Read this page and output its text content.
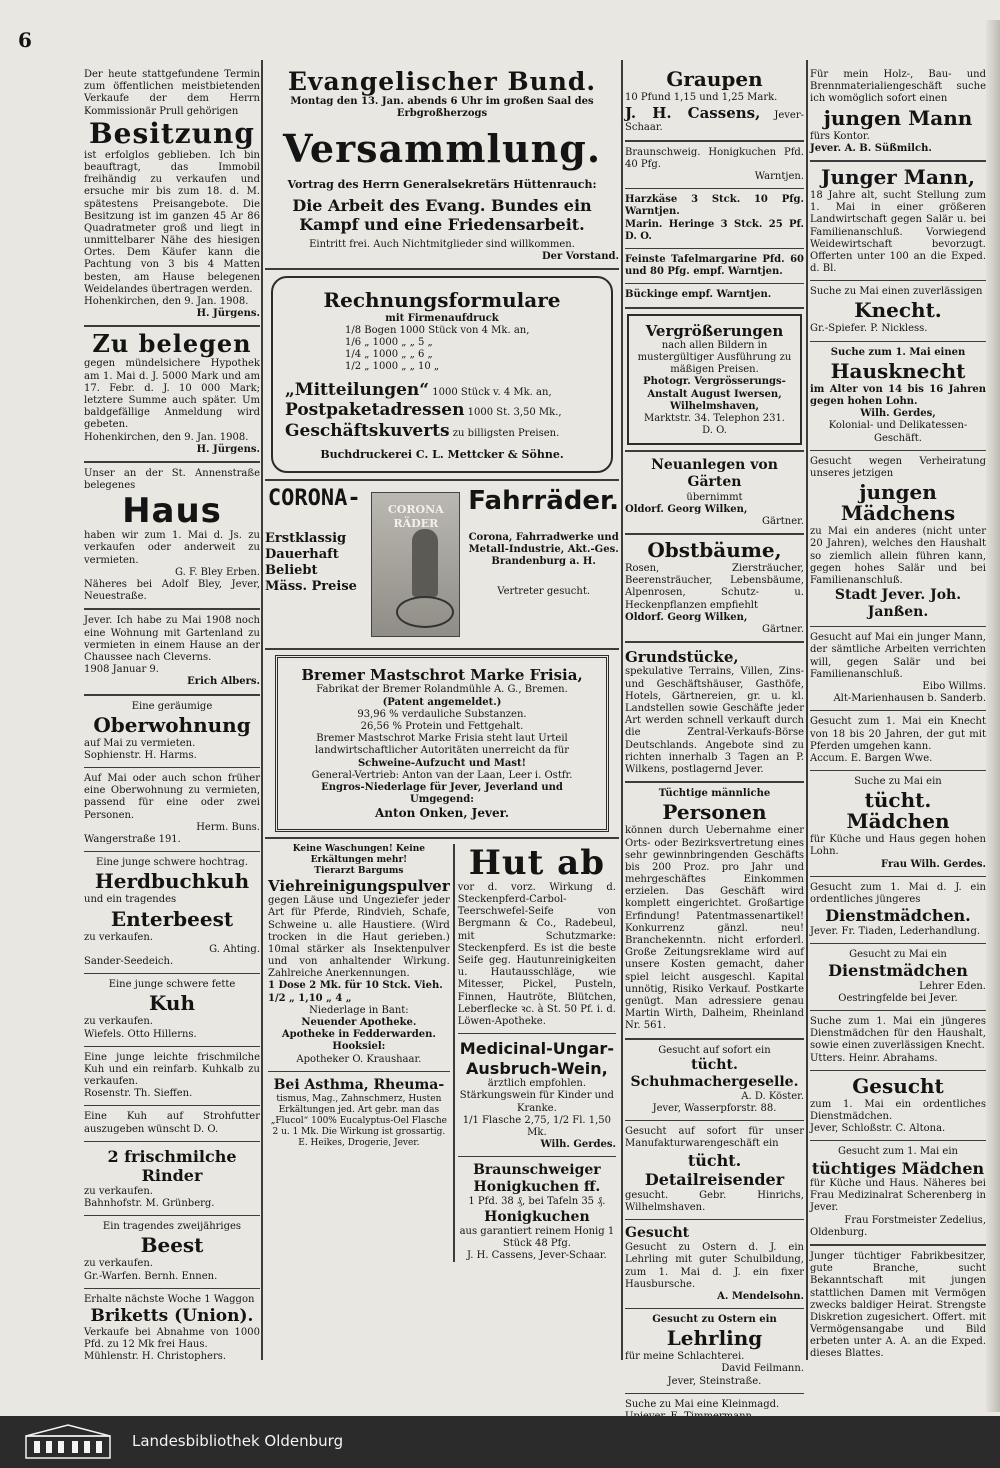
6
Der heute stattgefundene Termin zum öffentlichen meistbietenden Verkaufe der dem Herrn Kommissionär Prull gehörigen
Besitzung
ist erfolglos geblieben. Ich bin beauftragt, das Immobil freihändig zu verkaufen und ersuche mir bis zum 18. d. M. spätestens Preisangebote. Die Besitzung ist im ganzen 45 Ar 86 Quadratmeter groß und liegt in unmittelbarer Nähe des hiesigen Ortes. Dem Käufer kann die Pachtung von 3 bis 4 Matten besten, am Hause belegenen Weidelandes übertragen werden.
Hohenkirchen, den 9. Jan. 1908.
H. Jürgens.
Zu belegen
gegen mündelsichere Hypothek am 1. Mai d. J. 5000 Mark und am 17. Febr. d. J. 10 000 Mark; letztere Summe auch später. Um baldgefällige Anmeldung wird gebeten.
Hohenkirchen, den 9. Jan. 1908.
H. Jürgens.
Unser an der St. Annenstraße belegenes
Haus
haben wir zum 1. Mai d. Js. zu verkaufen oder anderweit zu vermieten.
G. F. Bley Erben.
Näheres bei Adolf Bley, Jever, Neuestraße.
Jever. Ich habe zu Mai 1908 noch eine Wohnung mit Gartenland zu vermieten in einem Hause an der Chaussee nach Cleverns.
1908 Januar 9.
Erich Albers.
Eine geräumige
Oberwohnung
auf Mai zu vermieten.
Sophienstr. H. Harms.
Auf Mai oder auch schon früher eine Oberwohnung zu vermieten, passend für eine oder zwei Personen.
Herm. Buns.
Wangerstraße 191.
Eine junge schwere hochtrag.
Herdbuchkuh
und ein tragendes
Enterbeest
zu verkaufen.
G. Ahting.
Sander-Seedeich.
Eine junge schwere fette
Kuh
zu verkaufen.
Wiefels. Otto Hillerns.
Eine junge leichte frischmilche Kuh und ein reinfarb. Kuhkalb zu verkaufen.
Rosenstr. Th. Sieffen.
Eine Kuh auf Strohfutter auszugeben wünscht D. O.
2 frischmilche Rinder
zu verkaufen.
Bahnhofstr. M. Grünberg.
Ein tragendes zweijähriges
Beest
zu verkaufen.
Gr.-Warfen. Bernh. Ennen.
Erhalte nächste Woche 1 Waggon
Briketts (Union).
Verkaufe bei Abnahme von 1000 Pfd. zu 12 Mk frei Haus.
Mühlenstr. H. Christophers.
Evangelischer Bund.
Montag den 13. Jan. abends 6 Uhr im großen Saal des Erbgroßherzogs
Versammlung.
Vortrag des Herrn Generalsekretärs Hüttenrauch:
Die Arbeit des Evang. Bundes ein Kampf und eine Friedensarbeit.
Eintritt frei. Auch Nichtmitglieder sind willkommen.
Der Vorstand.
Rechnungsformulare
mit Firmenaufdruck
1/8 Bogen 1000 Stück von 4 Mk. an,
1/6 „ 1000 „ „ 5 „
1/4 „ 1000 „ „ 6 „
1/2 „ 1000 „ „ 10 „
„Mitteilungen“ 1000 Stück v. 4 Mk. an,
Postpaketadressen 1000 St. 3,50 Mk.,
Geschäftskuverts zu billigsten Preisen.
Buchdruckerei C. L. Mettcker & Söhne.
CORONA-
Erstklassig
Dauerhaft
Beliebt
Mäss. Preise
CORONA RÄDER
Fahrräder.
Corona, Fahrradwerke und Metall-Industrie, Akt.-Ges. Brandenburg a. H.
Vertreter gesucht.
Bremer Mastschrot Marke Frisia,
Fabrikat der Bremer Rolandmühle A. G., Bremen.
(Patent angemeldet.)
93,96 % verdauliche Substanzen.
26,56 % Protein und Fettgehalt.
Bremer Mastschrot Marke Frisia steht laut Urteil landwirtschaftlicher Autoritäten unerreicht da für
Schweine-Aufzucht und Mast!
General-Vertrieb: Anton van der Laan, Leer i. Ostfr.
Engros-Niederlage für Jever, Jeverland und Umgegend:
Anton Onken, Jever.
Keine Waschungen! Keine Erkältungen mehr!
Tierarzt Bargums
Viehreinigungspulver
gegen Läuse und Ungeziefer jeder Art für Pferde, Rindvieh, Schafe, Schweine u. alle Haustiere. (Wird trocken in die Haut gerieben.) 10mal stärker als Insektenpulver und von anhaltender Wirkung. Zahlreiche Anerkennungen.
1 Dose 2 Mk. für 10 Stck. Vieh.
1/2 „ 1,10 „ 4 „
Niederlage in Bant:
Neuender Apotheke.
Apotheke in Fedderwarden.
Hooksiel:
Apotheker O. Kraushaar.
Bei Asthma, Rheuma-
tismus, Mag., Zahnschmerz, Husten Erkältungen jed. Art gebr. man das „Flucol“ 100% Eucalyptus-Oel Flasche 2 u. 1 Mk. Die Wirkung ist grossartig.
E. Heikes, Drogerie, Jever.
Hut ab
vor d. vorz. Wirkung d. Steckenpferd-Carbol-Teerschwefel-Seife von Bergmann & Co., Radebeul, mit Schutzmarke: Steckenpferd. Es ist die beste Seife geg. Hautunreinigkeiten u. Hautausschläge, wie Mitesser, Pickel, Pusteln, Finnen, Hautröte, Blütchen, Leberflecke ꝛc. à St. 50 Pf. i. d. Löwen-Apotheke.
Medicinal-Ungar-Ausbruch-Wein,
ärztlich empfohlen. Stärkungswein für Kinder und Kranke.
1/1 Flasche 2,75, 1/2 Fl. 1,50 Mk.
Wilh. Gerdes.
Braunschweiger Honigkuchen ff.
1 Pfd. 38 ₰, bei Tafeln 35 ₰.
Honigkuchen
aus garantiert reinem Honig 1 Stück 48 Pfg.
J. H. Cassens, Jever-Schaar.
Graupen
10 Pfund 1,15 und 1,25 Mark.
J. H. Cassens, Jever-Schaar.
Braunschweig. Honigkuchen Pfd. 40 Pfg.
Warntjen.
Harzkäse 3 Stck. 10 Pfg. Warntjen.
Marin. Heringe 3 Stck. 25 Pf. D. O.
Feinste Tafelmargarine Pfd. 60 und 80 Pfg. empf. Warntjen.
Bückinge empf. Warntjen.
Vergrößerungen
nach allen Bildern in mustergültiger Ausführung zu mäßigen Preisen.
Photogr. Vergrösserungs-Anstalt August Iwersen, Wilhelmshaven,
Marktstr. 34. Telephon 231. D. O.
Neuanlegen von Gärten
übernimmt
Oldorf. Georg Wilken,
Gärtner.
Obstbäume,
Rosen, Ziersträucher, Beerensträucher, Lebensbäume, Alpenrosen, Schutz- u. Heckenpflanzen empfiehlt
Oldorf. Georg Wilken,
Gärtner.
Grundstücke,
spekulative Terrains, Villen, Zins- und Geschäftshäuser, Gasthöfe, Hotels, Gärtnereien, gr. u. kl. Landstellen sowie Geschäfte jeder Art werden schnell verkauft durch die Zentral-Verkaufs-Börse Deutschlands. Angebote sind zu richten innerhalb 3 Tagen an P. Wilkens, postlagernd Jever.
Tüchtige männliche
Personen
können durch Uebernahme einer Orts- oder Bezirksvertretung eines sehr gewinnbringenden Geschäfts bis 200 Proz. pro Jahr und mehrgeschäftes Einkommen erzielen. Das Geschäft wird komplett eingerichtet. Großartige Erfindung! Patentmassenartikel! Konkurrenz gänzl. neu! Branchekenntn. nicht erforderl. Große Zeitungsreklame wird auf unsere Kosten gemacht, daher spiel leicht ausgeschl. Kapital unnötig, Risiko Verkauf. Postkarte genügt. Man adressiere genau Martin Wirth, Dalheim, Rheinland Nr. 561.
Gesucht auf sofort ein
tücht. Schuhmachergeselle.
A. D. Köster.
Jever, Wasserpforstr. 88.
Gesucht auf sofort für unser Manufakturwarengeschäft ein
tücht. Detailreisender
gesucht. Gebr. Hinrichs, Wilhelmshaven.
Gesucht
Gesucht zu Ostern d. J. ein Lehrling mit guter Schulbildung, zum 1. Mai d. J. ein fixer Hausbursche.
A. Mendelsohn.
Gesucht zu Ostern ein
Lehrling
für meine Schlachterei.
David Feilmann.
Jever, Steinstraße.
Suche zu Mai eine Kleinmagd.
Für mein Holz-, Bau- und Brennmaterialiengeschäft suche ich womöglich sofort einen
jungen Mann
fürs Kontor.
Jever. A. B. Süßmilch.
Junger Mann,
18 Jahre alt, sucht Stellung zum 1. Mai in einer größeren Landwirtschaft gegen Salär u. bei Familienanschluß. Vorwiegend Weidewirtschaft bevorzugt. Offerten unter 100 an die Exped. d. Bl.
Suche zu Mai einen zuverlässigen
Knecht.
Gr.-Spiefer. P. Nickless.
Suche zum 1. Mai einen
Hausknecht
im Alter von 14 bis 16 Jahren gegen hohen Lohn.
Wilh. Gerdes,
Kolonial- und Delikatessen-Geschäft.
Gesucht wegen Verheiratung unseres jetzigen
jungen Mädchens
zu Mai ein anderes (nicht unter 20 Jahren), welches den Haushalt so ziemlich allein führen kann, gegen hohes Salär und bei Familienanschluß.
Stadt Jever. Joh. Janßen.
Gesucht auf Mai ein junger Mann, der sämtliche Arbeiten verrichten will, gegen Salär und bei Familienanschluß.
Eibo Willms.
Alt-Marienhausen b. Sanderb.
Gesucht zum 1. Mai ein Knecht von 18 bis 20 Jahren, der gut mit Pferden umgehen kann.
Accum. E. Bargen Wwe.
Suche zu Mai ein
tücht. Mädchen
für Küche und Haus gegen hohen Lohn.
Frau Wilh. Gerdes.
Gesucht zum 1. Mai d. J. ein ordentliches jüngeres
Dienstmädchen.
Jever. Fr. Tiaden, Lederhandlung.
Gesucht zu Mai ein
Dienstmädchen
Lehrer Eden.
Oestringfelde bei Jever.
Suche zum 1. Mai ein jüngeres Dienstmädchen für den Haushalt, sowie einen zuverlässigen Knecht.
Utters. Heinr. Abrahams.
Gesucht
zum 1. Mai ein ordentliches Dienstmädchen.
Jever, Schloßstr. C. Altona.
Gesucht zum 1. Mai ein
tüchtiges Mädchen
für Küche und Haus. Näheres bei Frau Medizinalrat Scherenberg in Jever.
Frau Forstmeister Zedelius,
Oldenburg.
Junger tüchtiger Fabrikbesitzer, gute Branche, sucht Bekanntschaft mit jungen stattlichen Damen mit Vermögen zwecks baldiger Heirat. Strengste Diskretion zugesichert. Offert. mit Vermögensangabe und Bild erbeten unter A. A. an die Exped. dieses Blattes.
Landesbibliothek Oldenburg
